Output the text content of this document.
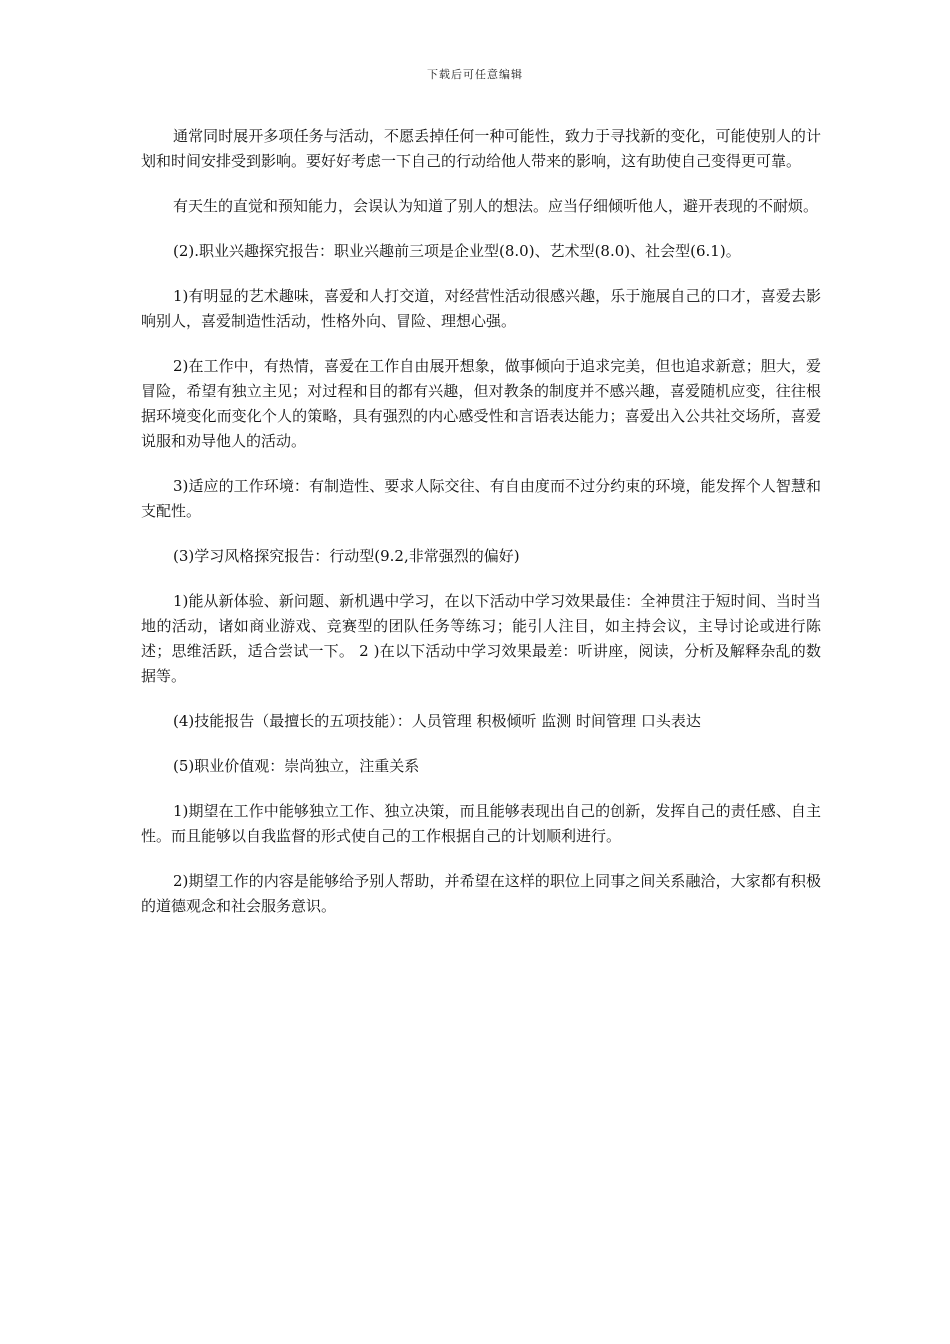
下载后可任意编辑

通常同时展开多项任务与活动，不愿丢掉任何一种可能性，致力于寻找新的变化，可能使别人的计划和时间安排受到影响。要好好考虑一下自己的行动给他人带来的影响，这有助使自己变得更可靠。

有天生的直觉和预知能力，会误认为知道了别人的想法。应当仔细倾听他人，避开表现的不耐烦。

(2).职业兴趣探究报告：职业兴趣前三项是企业型(8.0)、艺术型(8.0)、社会型(6.1)。

1)有明显的艺术趣味，喜爱和人打交道，对经营性活动很感兴趣，乐于施展自己的口才，喜爱去影响别人，喜爱制造性活动，性格外向、冒险、理想心强。

2)在工作中，有热情，喜爱在工作自由展开想象，做事倾向于追求完美，但也追求新意；胆大，爱冒险，希望有独立主见；对过程和目的都有兴趣，但对教条的制度并不感兴趣，喜爱随机应变，往往根据环境变化而变化个人的策略，具有强烈的内心感受性和言语表达能力；喜爱出入公共社交场所，喜爱说服和劝导他人的活动。

3)适应的工作环境：有制造性、要求人际交往、有自由度而不过分约束的环境，能发挥个人智慧和支配性。

(3)学习风格探究报告：行动型(9.2,非常强烈的偏好)

1)能从新体验、新问题、新机遇中学习，在以下活动中学习效果最佳：全神贯注于短时间、当时当地的活动，诸如商业游戏、竞赛型的团队任务等练习；能引人注目，如主持会议，主导讨论或进行陈述；思维活跃，适合尝试一下。 2 )在以下活动中学习效果最差：听讲座，阅读，分析及解释杂乱的数据等。

(4)技能报告（最擅长的五项技能）：人员管理 积极倾听 监测 时间管理 口头表达

(5)职业价值观：崇尚独立，注重关系

1)期望在工作中能够独立工作、独立决策，而且能够表现出自己的创新，发挥自己的责任感、自主性。而且能够以自我监督的形式使自己的工作根据自己的计划顺利进行。

2)期望工作的内容是能够给予别人帮助，并希望在这样的职位上同事之间关系融洽，大家都有积极的道德观念和社会服务意识。
